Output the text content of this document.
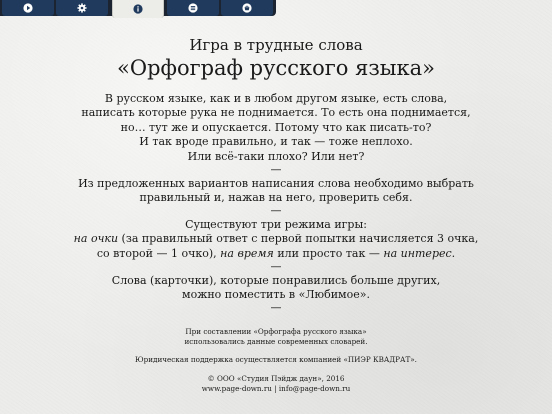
Игра в трудные слова
«Орфограф русского языка»

В русском языке, как и в любом другом языке, есть слова,

написать которые рука не поднимается. То есть она поднимается,

но… тут же и опускается. Потому что как писать-то?

И так вроде правильно, и так — тоже неплохо.

Или всё-таки плохо? Или нет?

—

Из предложенных вариантов написания слова необходимо выбрать

правильный и, нажав на него, проверить себя.

—

Существуют три режима игры:

на очки (за правильный ответ с первой попытки начисляется 3 очка,

со второй — 1 очко), на время или просто так — на интерес.

—

Слова (карточки), которые понравились больше других,

можно поместить в «Любимое».

—

При составлении «Орфографа русского языка»

использовались данные современных словарей.

Юридическая поддержка осуществляется компанией «ПИЭР КВАДРАТ».

© ООО «Студия Пэйдж даун», 2016

www.page-down.ru | info@page-down.ru
